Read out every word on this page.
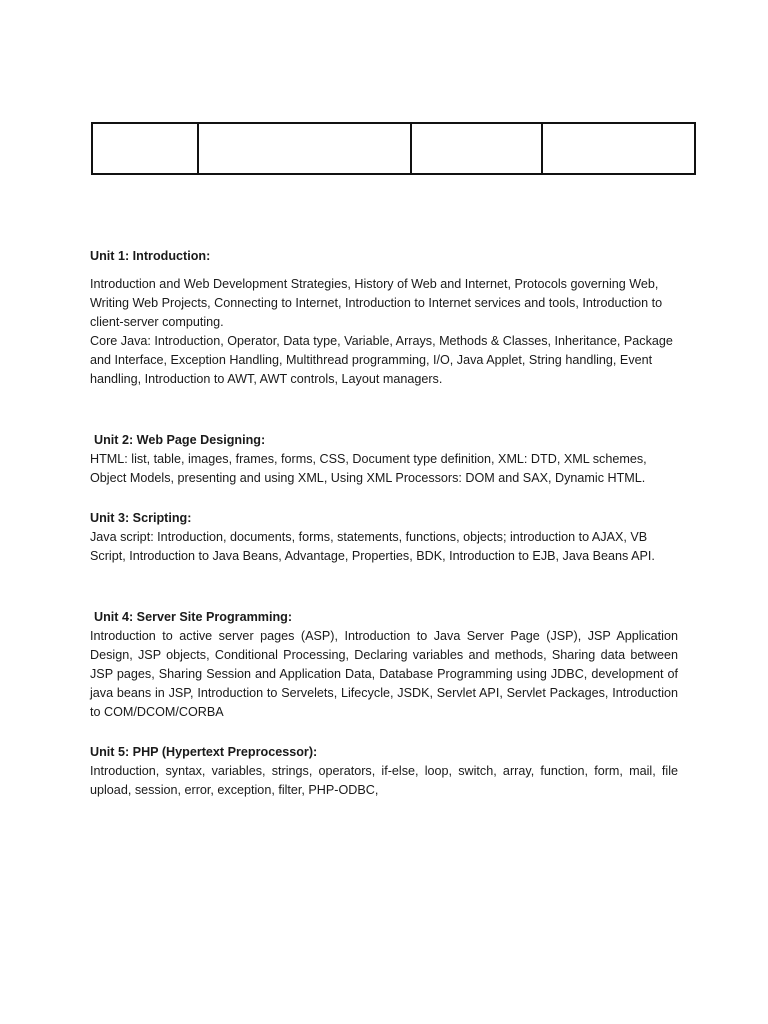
Unit 1: Introduction:

Introduction and Web Development Strategies, History of Web and Internet, Protocols governing Web, Writing Web Projects, Connecting to Internet, Introduction to Internet services and tools, Introduction to client-server computing.

Core Java: Introduction, Operator, Data type, Variable, Arrays, Methods & Classes, Inheritance, Package and Interface, Exception Handling, Multithread programming, I/O, Java Applet, String handling, Event handling, Introduction to AWT, AWT controls, Layout managers.

Unit 2: Web Page Designing:

HTML: list, table, images, frames, forms, CSS, Document type definition, XML: DTD, XML schemes, Object Models, presenting and using XML, Using XML Processors: DOM and SAX, Dynamic HTML.

Unit 3: Scripting:

Java script: Introduction, documents, forms, statements, functions, objects; introduction to AJAX, VB Script, Introduction to Java Beans, Advantage, Properties, BDK, Introduction to EJB, Java Beans API.

Unit 4: Server Site Programming:

Introduction to active server pages (ASP), Introduction to Java Server Page (JSP), JSP Application Design, JSP objects, Conditional Processing, Declaring variables and methods, Sharing data between JSP pages, Sharing Session and Application Data, Database Programming using JDBC, development of java beans in JSP, Introduction to Servelets, Lifecycle, JSDK, Servlet API, Servlet Packages, Introduction to COM/DCOM/CORBA

Unit 5: PHP (Hypertext Preprocessor):

Introduction, syntax, variables, strings, operators, if-else, loop, switch, array, function, form, mail, file upload, session, error, exception, filter, PHP-ODBC,
